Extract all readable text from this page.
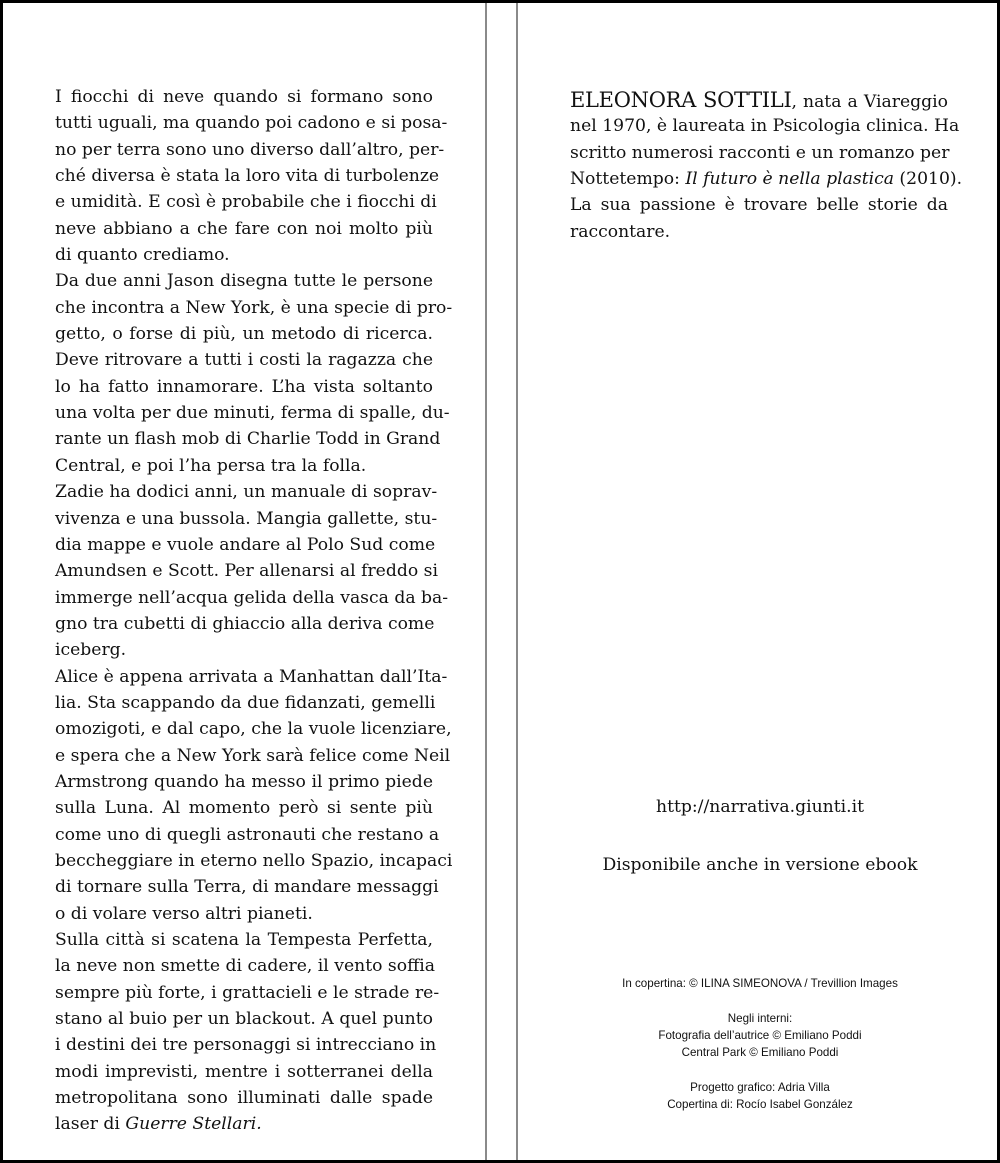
I fiocchi di neve quando si formano sono
tutti uguali, ma quando poi cadono e si posa-
no per terra sono uno diverso dall’altro, per-
ché diversa è stata la loro vita di turbolenze
e umidità. E così è probabile che i fiocchi di
neve abbiano a che fare con noi molto più
di quanto crediamo.
Da due anni Jason disegna tutte le persone
che incontra a New York, è una specie di pro-
getto, o forse di più, un metodo di ricerca.
Deve ritrovare a tutti i costi la ragazza che
lo ha fatto innamorare. L’ha vista soltanto
una volta per due minuti, ferma di spalle, du-
rante un flash mob di Charlie Todd in Grand
Central, e poi l’ha persa tra la folla.
Zadie ha dodici anni, un manuale di soprav-
vivenza e una bussola. Mangia gallette, stu-
dia mappe e vuole andare al Polo Sud come
Amundsen e Scott. Per allenarsi al freddo si
immerge nell’acqua gelida della vasca da ba-
gno tra cubetti di ghiaccio alla deriva come
iceberg.
Alice è appena arrivata a Manhattan dall’Ita-
lia. Sta scappando da due fidanzati, gemelli
omozigoti, e dal capo, che la vuole licenziare,
e spera che a New York sarà felice come Neil
Armstrong quando ha messo il primo piede
sulla Luna. Al momento però si sente più
come uno di quegli astronauti che restano a
beccheggiare in eterno nello Spazio, incapaci
di tornare sulla Terra, di mandare messaggi
o di volare verso altri pianeti.
Sulla città si scatena la Tempesta Perfetta,
la neve non smette di cadere, il vento soffia
sempre più forte, i grattacieli e le strade re-
stano al buio per un blackout. A quel punto
i destini dei tre personaggi si intrecciano in
modi imprevisti, mentre i sotterranei della
metropolitana sono illuminati dalle spade
laser di Guerre Stellari.
ELEONORA SOTTILI, nata a Viareggio
nel 1970, è laureata in Psicologia clinica. Ha
scritto numerosi racconti e un romanzo per
Nottetempo: Il futuro è nella plastica (2010).
La sua passione è trovare belle storie da
raccontare.
http://narrativa.giunti.it
Disponibile anche in versione ebook
In copertina: © ILINA SIMEONOVA / Trevillion Images
Negli interni:
Fotografia dell’autrice © Emiliano Poddi
Central Park © Emiliano Poddi
Progetto grafico: Adria Villa
Copertina di: Rocío Isabel González
